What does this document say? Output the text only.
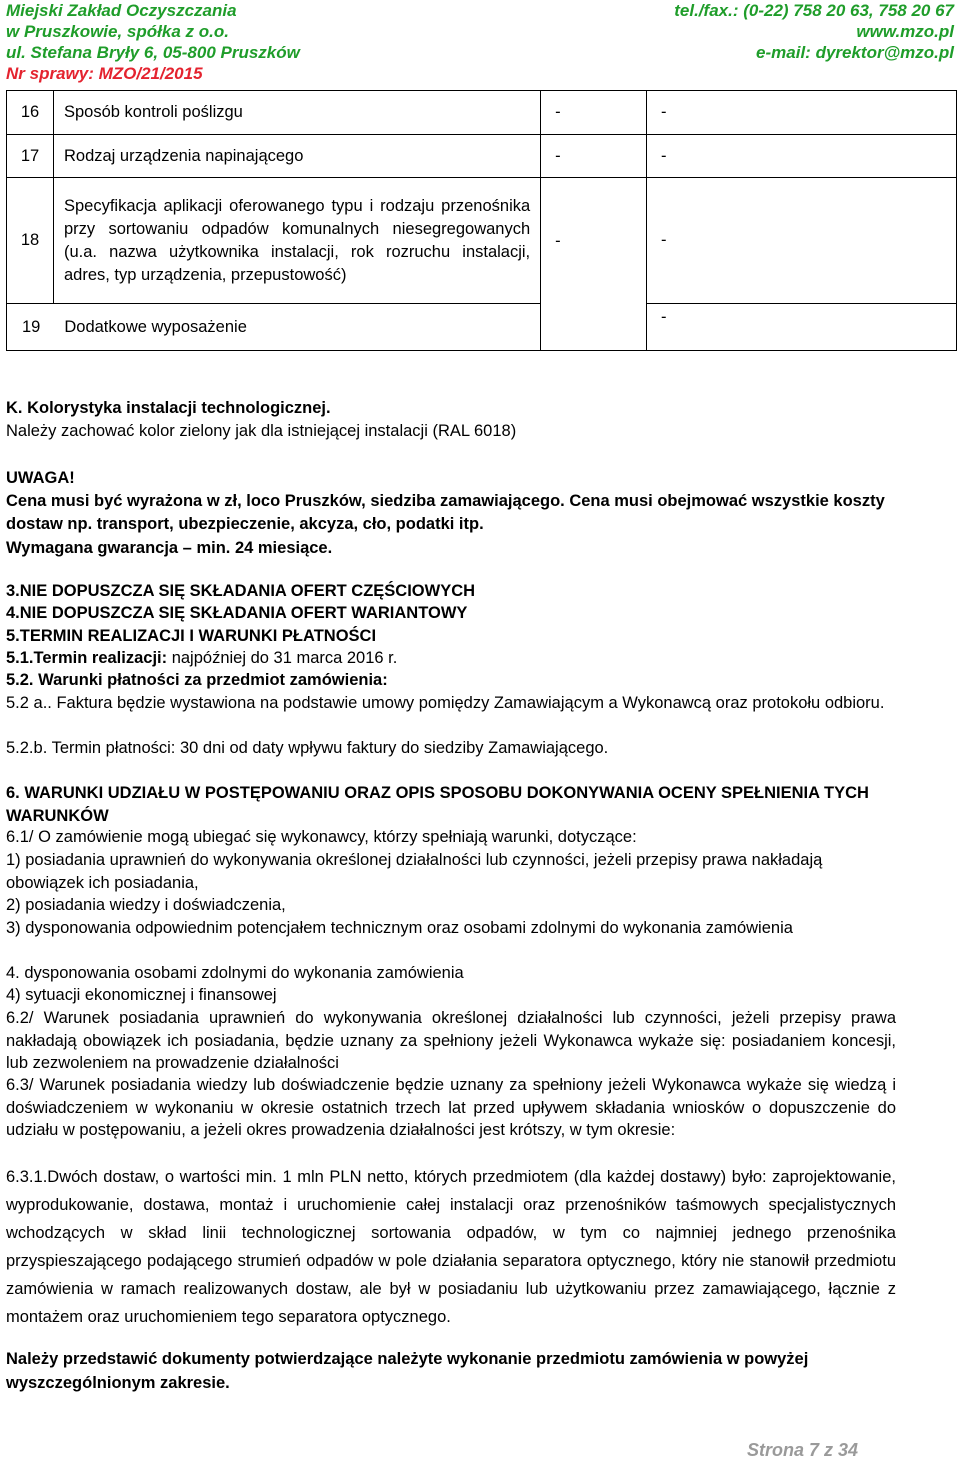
Miejski Zakład Oczyszczania	tel./fax.: (0-22) 758 20 63, 758 20 67
w Pruszkowie, spółka z o.o.	www.mzo.pl
ul. Stefana Bryły 6, 05-800 Pruszków	e-mail: dyrektor@mzo.pl
Nr sprawy: MZO/21/2015
16	Sposób kontroli poślizgu	-	-
17	Rodzaj urządzenia napinającego	-	-
18	Specyfikacja aplikacji oferowanego typu i rodzaju przenośnika przy sortowaniu odpadów komunalnych niesegregowanych (u.a. nazwa użytkownika instalacji, rok rozruchu instalacji, adres, typ urządzenia, przepustowość)	-	-
19 Dodatkowe wyposażenie			-
K. Kolorystyka instalacji technologicznej.
Należy zachować kolor zielony jak dla istniejącej instalacji (RAL 6018)
UWAGA!
Cena musi być wyrażona w zł, loco Pruszków, siedziba zamawiającego. Cena musi obejmować wszystkie koszty dostaw np. transport, ubezpieczenie, akcyza, cło, podatki itp.
Wymagana gwarancja – min. 24 miesiące.
3.NIE DOPUSZCZA SIĘ SKŁADANIA OFERT CZĘŚCIOWYCH
4.NIE DOPUSZCZA SIĘ SKŁADANIA OFERT WARIANTOWY
5.TERMIN REALIZACJI I WARUNKI PŁATNOŚCI
5.1.Termin realizacji: najpóźniej do 31 marca 2016 r.
5.2. Warunki płatności za przedmiot zamówienia:
5.2 a.. Faktura będzie wystawiona na podstawie umowy pomiędzy Zamawiającym a Wykonawcą oraz protokołu odbioru.
5.2.b. Termin płatności: 30 dni od daty wpływu faktury do siedziby Zamawiającego.
6. WARUNKI UDZIAŁU W POSTĘPOWANIU ORAZ OPIS SPOSOBU DOKONYWANIA OCENY SPEŁNIENIA TYCH WARUNKÓW
6.1/ O zamówienie mogą ubiegać się wykonawcy, którzy spełniają warunki, dotyczące:
1) posiadania uprawnień do wykonywania określonej działalności lub czynności, jeżeli przepisy prawa nakładają obowiązek ich posiadania,
2) posiadania wiedzy i doświadczenia,
3) dysponowania odpowiednim potencjałem technicznym oraz osobami zdolnymi do wykonania zamówienia
4. dysponowania osobami zdolnymi do wykonania zamówienia
4) sytuacji ekonomicznej i finansowej
6.2/ Warunek posiadania uprawnień do wykonywania określonej działalności lub czynności, jeżeli przepisy prawa nakładają obowiązek ich posiadania, będzie uznany za spełniony jeżeli Wykonawca wykaże się: posiadaniem koncesji, lub zezwoleniem na prowadzenie działalności
6.3/ Warunek posiadania wiedzy lub doświadczenie będzie uznany za spełniony jeżeli Wykonawca wykaże się wiedzą i doświadczeniem w wykonaniu w okresie ostatnich trzech lat przed upływem składania wniosków o dopuszczenie do udziału w postępowaniu, a jeżeli okres prowadzenia działalności jest krótszy, w tym okresie:
6.3.1.Dwóch dostaw, o wartości min. 1 mln PLN netto, których przedmiotem (dla każdej dostawy) było: zaprojektowanie, wyprodukowanie, dostawa, montaż i uruchomienie całej instalacji oraz przenośników taśmowych specjalistycznych wchodzących w skład linii technologicznej sortowania odpadów, w tym co najmniej jednego przenośnika przyspieszającego podającego strumień odpadów w pole działania separatora optycznego, który nie stanowił przedmiotu zamówienia w ramach realizowanych dostaw, ale był w posiadaniu lub użytkowaniu przez zamawiającego, łącznie z montażem oraz uruchomieniem tego separatora optycznego.
Należy przedstawić dokumenty potwierdzające należyte wykonanie przedmiotu zamówienia w powyżej wyszczególnionym zakresie.
Strona 7 z 34
